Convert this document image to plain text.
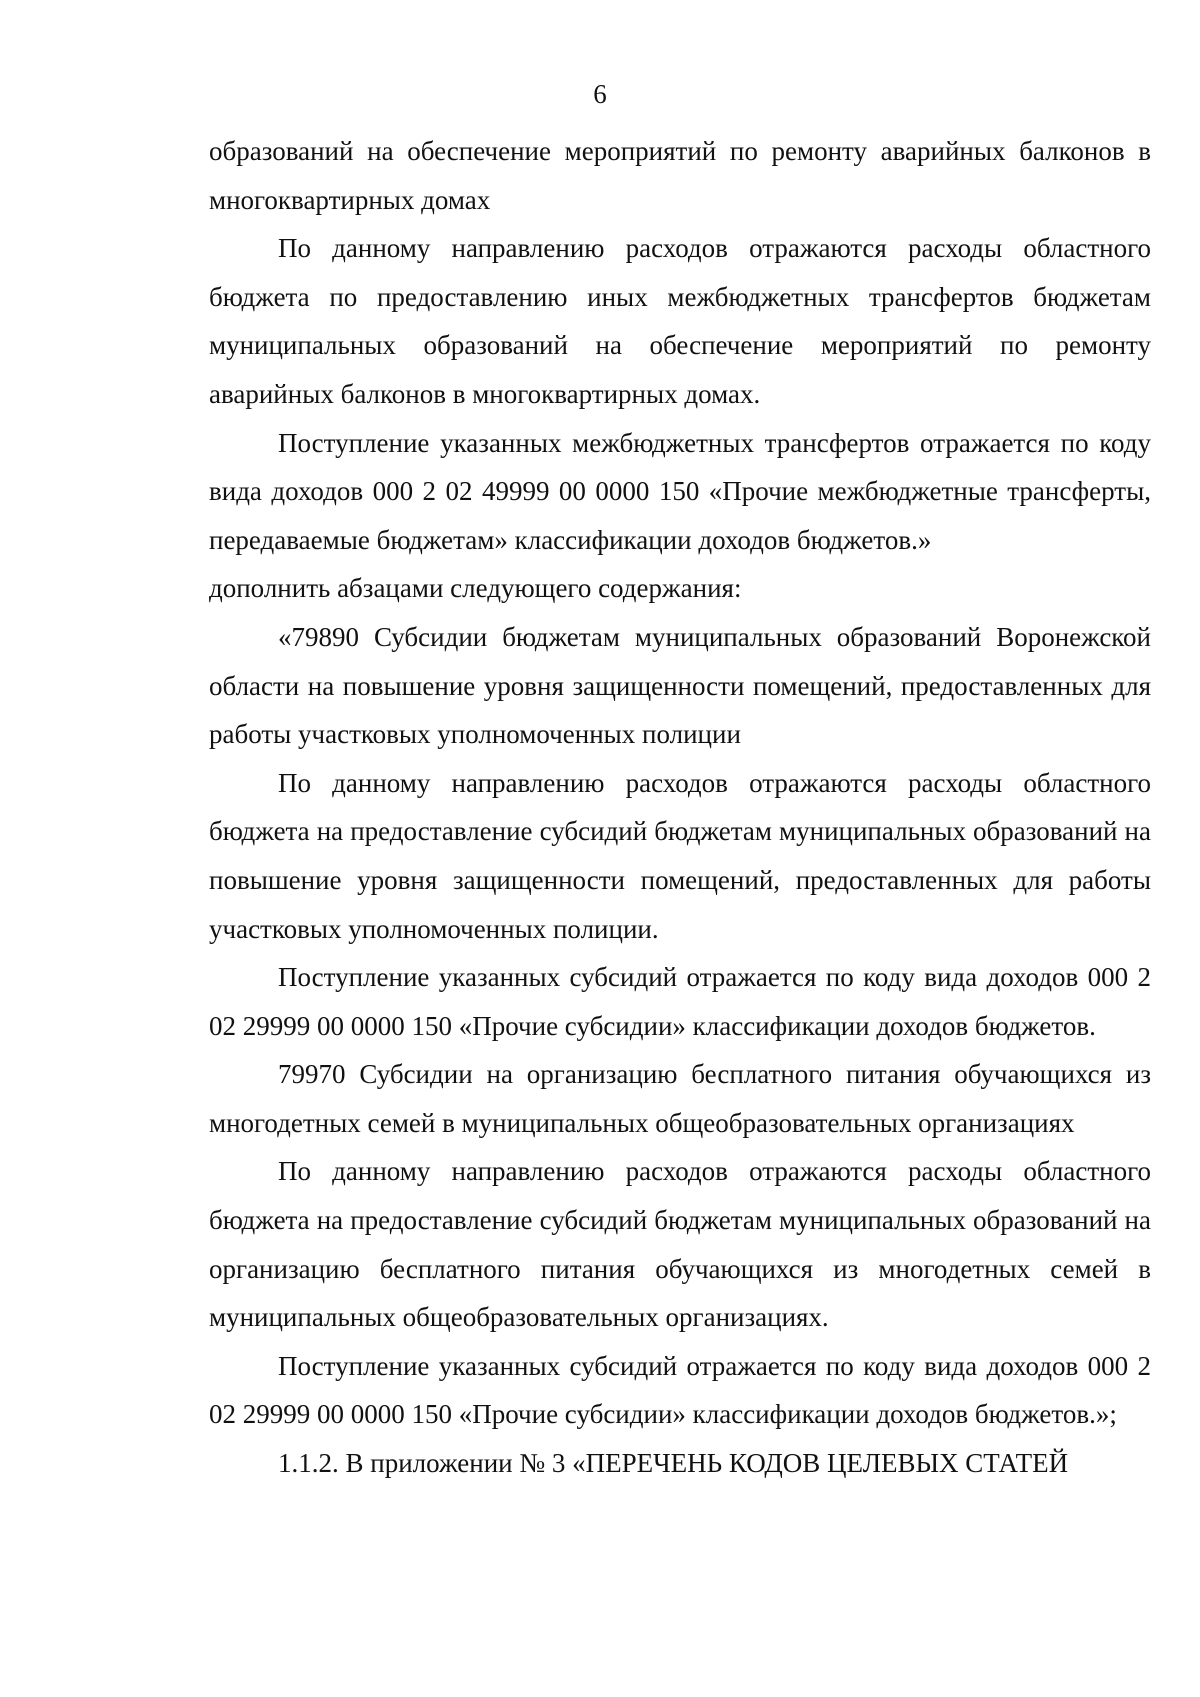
6

образований на обеспечение мероприятий по ремонту аварийных балконов в многоквартирных домах

По данному направлению расходов отражаются расходы областного бюджета по предоставлению иных межбюджетных трансфертов бюджетам муниципальных образований на обеспечение мероприятий по ремонту аварийных балконов в многоквартирных домах.

Поступление указанных межбюджетных трансфертов отражается по коду вида доходов 000 2 02 49999 00 0000 150 «Прочие межбюджетные трансферты, передаваемые бюджетам» классификации доходов бюджетов.»

дополнить абзацами следующего содержания:

«79890 Субсидии бюджетам муниципальных образований Воронежской области на повышение уровня защищенности помещений, предоставленных для работы участковых уполномоченных полиции

По данному направлению расходов отражаются расходы областного бюджета на предоставление субсидий бюджетам муниципальных образований на повышение уровня защищенности помещений, предоставленных для работы участковых уполномоченных полиции.

Поступление указанных субсидий отражается по коду вида доходов 000 2 02 29999 00 0000 150 «Прочие субсидии» классификации доходов бюджетов.

79970 Субсидии на организацию бесплатного питания обучающихся из многодетных семей в муниципальных общеобразовательных организациях

По данному направлению расходов отражаются расходы областного бюджета на предоставление субсидий бюджетам муниципальных образований на организацию бесплатного питания обучающихся из многодетных семей в муниципальных общеобразовательных организациях.

Поступление указанных субсидий отражается по коду вида доходов 000 2 02 29999 00 0000 150 «Прочие субсидии» классификации доходов бюджетов.»;

1.1.2. В приложении № 3 «ПЕРЕЧЕНЬ КОДОВ ЦЕЛЕВЫХ СТАТЕЙ
